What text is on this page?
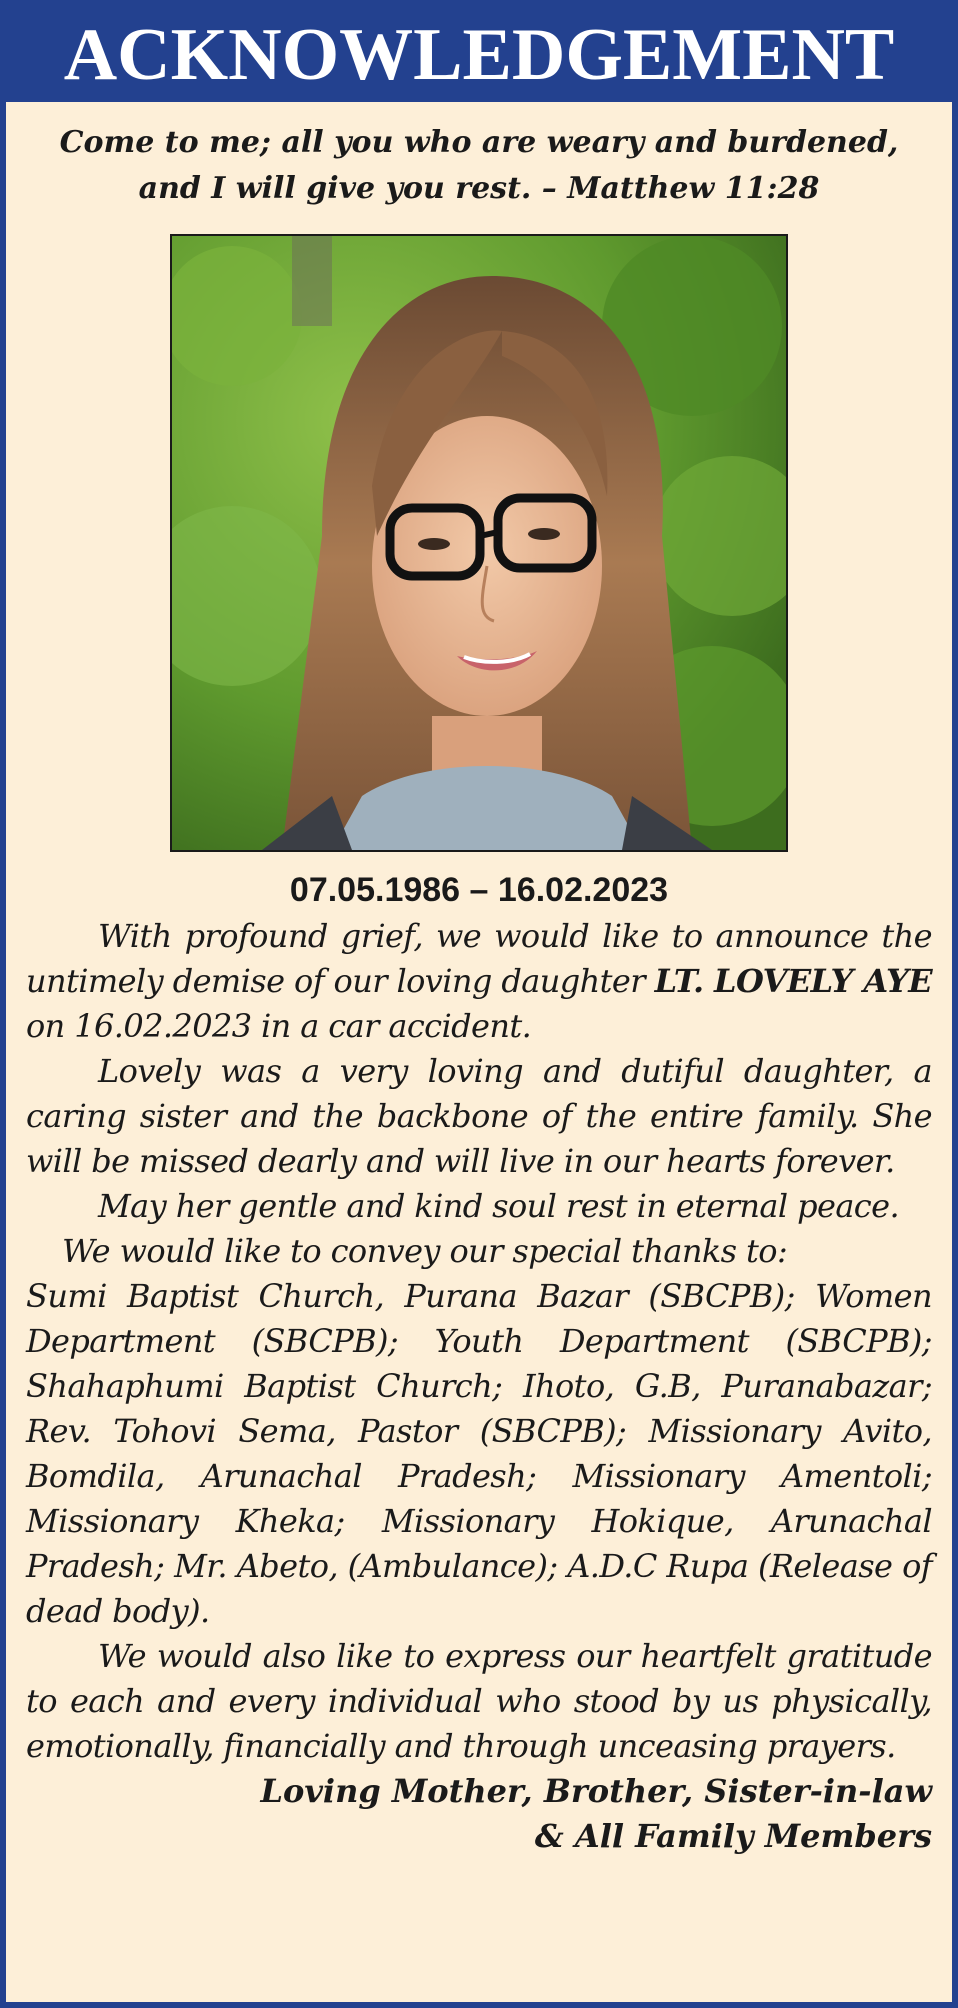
ACKNOWLEDGEMENT
Come to me; all you who are weary and burdened,
and I will give you rest. – Matthew 11:28
07.05.1986 – 16.02.2023

With profound grief, we would like to announce the untimely demise of our loving daughter LT. LOVELY AYE on 16.02.2023 in a car accident.

Lovely was a very loving and dutiful daughter, a caring sister and the backbone of the entire family. She will be missed dearly and will live in our hearts forever.

May her gentle and kind soul rest in eternal peace.

We would like to convey our special thanks to:

Sumi Baptist Church, Purana Bazar (SBCPB); Women Department (SBCPB); Youth Department (SBCPB); Shahaphumi Baptist Church; Ihoto, G.B, Puranabazar; Rev. Tohovi Sema, Pastor (SBCPB); Missionary Avito, Bomdila, Arunachal Pradesh; Missionary Amentoli; Missionary Kheka; Missionary Hokique, Arunachal Pradesh; Mr. Abeto, (Ambulance); A.D.C Rupa (Release of dead body).

We would also like to express our heartfelt gratitude to each and every individual who stood by us physically, emotionally, financially and through unceasing prayers.

Loving Mother, Brother, Sister-in-law
& All Family Members
